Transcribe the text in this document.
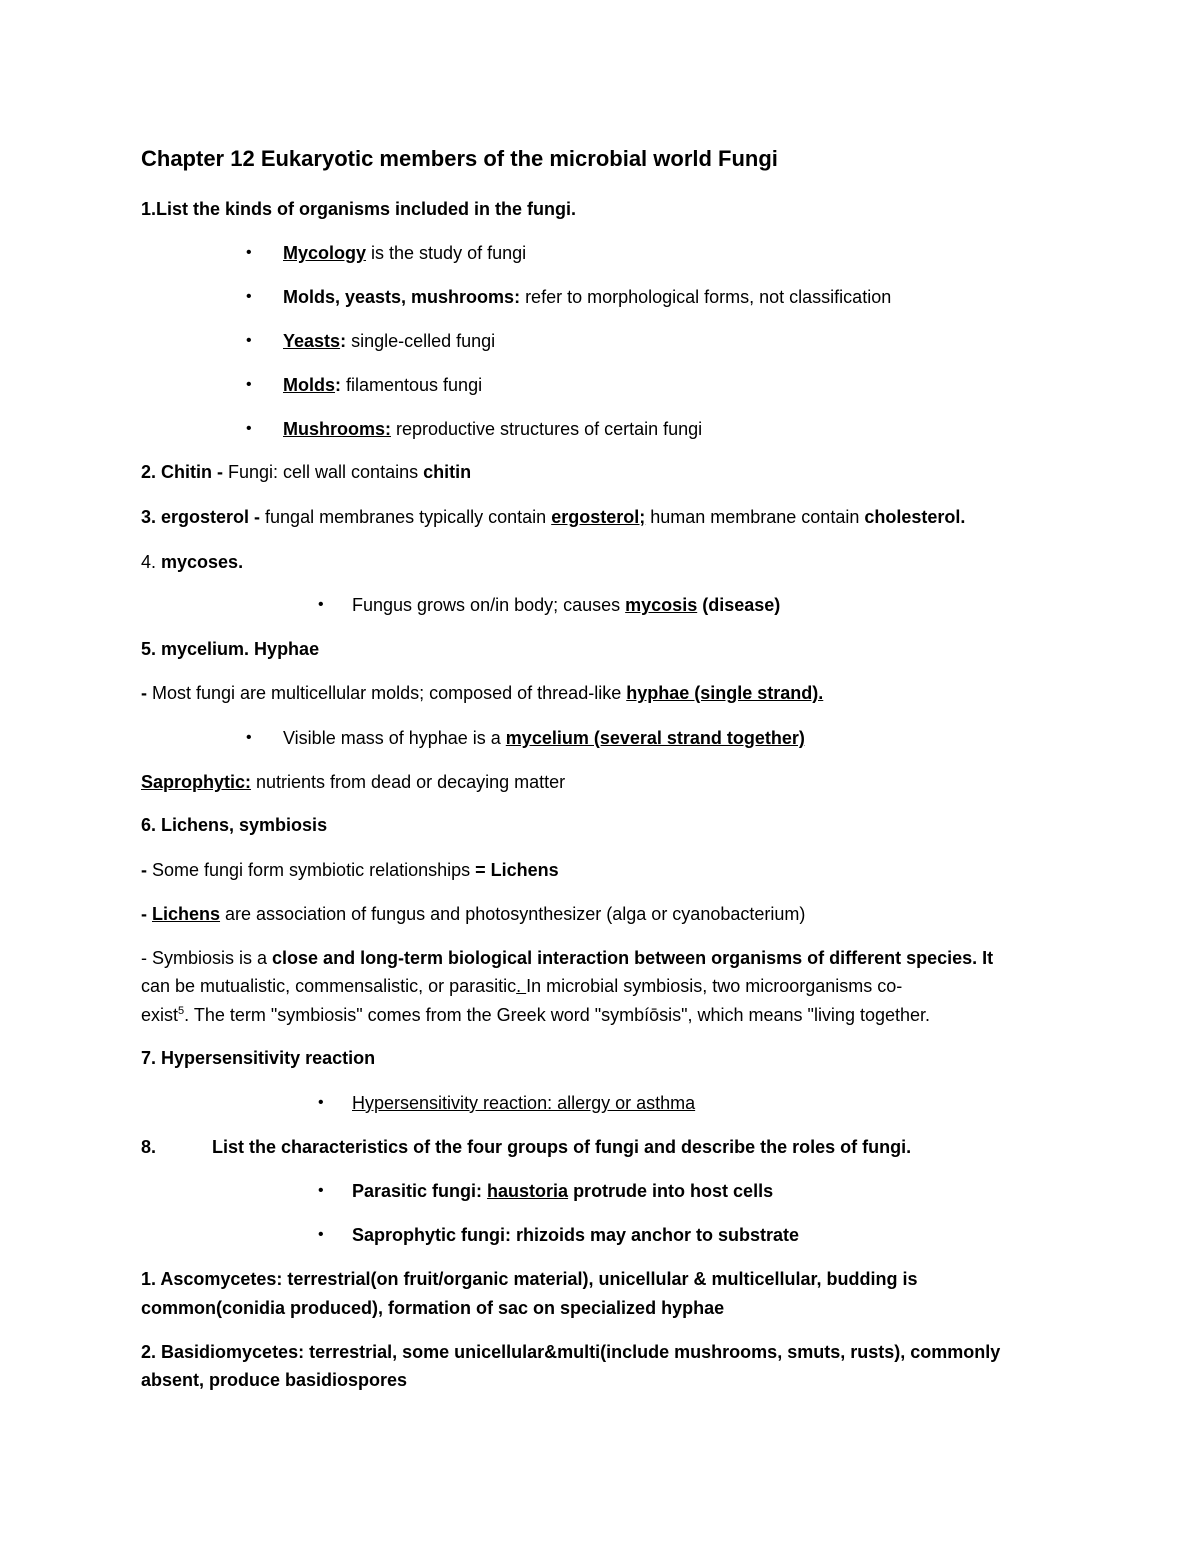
Chapter 12 Eukaryotic members of the microbial world Fungi
1.List the kinds of organisms included in the fungi.
• Mycology is the study of fungi
• Molds, yeasts, mushrooms: refer to morphological forms, not classification
• Yeasts: single-celled fungi
• Molds: filamentous fungi
• Mushrooms: reproductive structures of certain fungi
2. Chitin - Fungi: cell wall contains chitin
3. ergosterol - fungal membranes typically contain ergosterol; human membrane contain cholesterol.
4. mycoses.
• Fungus grows on/in body; causes mycosis (disease)
5. mycelium. Hyphae
- Most fungi are multicellular molds; composed of thread-like hyphae (single strand).
• Visible mass of hyphae is a mycelium (several strand together)
Saprophytic: nutrients from dead or decaying matter
6. Lichens, symbiosis
- Some fungi form symbiotic relationships = Lichens
- Lichens are association of fungus and photosynthesizer (alga or cyanobacterium)
- Symbiosis is a close and long-term biological interaction between organisms of different species. It
can be mutualistic, commensalistic, or parasitic. In microbial symbiosis, two microorganisms co-
exist$^5$. The term "symbiosis" comes from the Greek word "symbíōsis", which means "living together.
7. Hypersensitivity reaction
• Hypersensitivity reaction: allergy or asthma
8.	List the characteristics of the four groups of fungi and describe the roles of fungi.
• Parasitic fungi: haustoria protrude into host cells
• Saprophytic fungi: rhizoids may anchor to substrate
1. Ascomycetes: terrestrial(on fruit/organic material), unicellular & multicellular, budding is
common(conidia produced), formation of sac on specialized hyphae
2. Basidiomycetes: terrestrial, some unicellular&multi(include mushrooms, smuts, rusts), commonly
absent, produce basidiospores
